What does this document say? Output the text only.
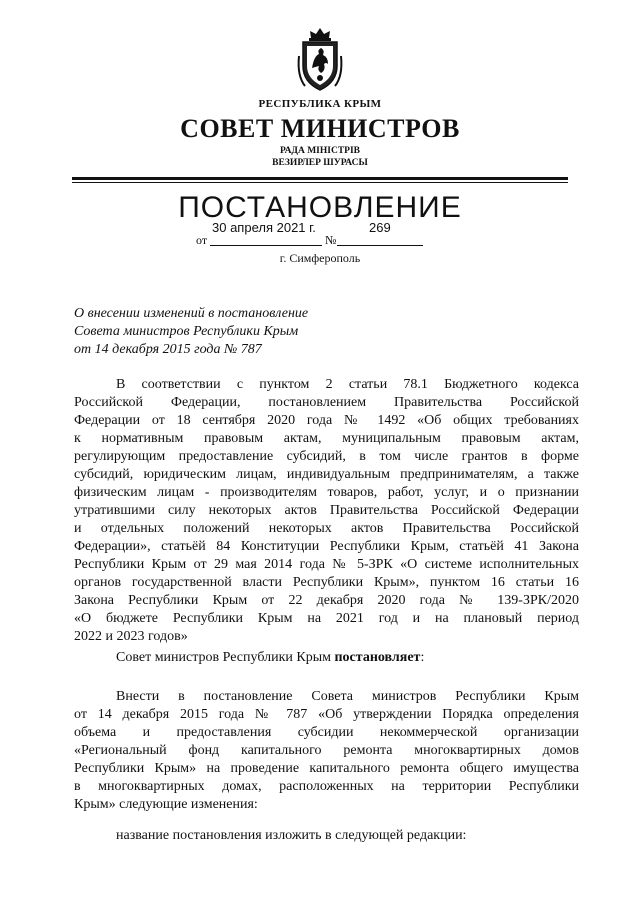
РЕСПУБЛИКА КРЫМ
СОВЕТ МИНИСТРОВ
РАДА МІНІСТРІВ
ВЕЗИРЛЕР ШУРАСЫ
ПОСТАНОВЛЕНИЕ
от
30 апреля 2021 г.
№
269
г. Симферополь
О внесении изменений в постановление
Совета министров Республики Крым
от 14 декабря 2015 года № 787
В соответствии с пунктом 2 статьи 78.1 Бюджетного кодекса
Российской Федерации, постановлением Правительства Российской
Федерации от 18 сентября 2020 года № 1492 «Об общих требованиях
к нормативным правовым актам, муниципальным правовым актам,
регулирующим предоставление субсидий, в том числе грантов в форме
субсидий, юридическим лицам, индивидуальным предпринимателям, а также
физическим лицам - производителям товаров, работ, услуг, и о признании
утратившими силу некоторых актов Правительства Российской Федерации
и отдельных положений некоторых актов Правительства Российской
Федерации», статьёй 84 Конституции Республики Крым, статьёй 41 Закона
Республики Крым от 29 мая 2014 года № 5-ЗРК «О системе исполнительных
органов государственной власти Республики Крым», пунктом 16 статьи 16
Закона Республики Крым от 22 декабря 2020 года № 139-ЗРК/2020
«О бюджете Республики Крым на 2021 год и на плановый период
2022 и 2023 годов»
Совет министров Республики Крым постановляет:
Внести в постановление Совета министров Республики Крым
от 14 декабря 2015 года № 787 «Об утверждении Порядка определения
объема и предоставления субсидии некоммерческой организации
«Региональный фонд капитального ремонта многоквартирных домов
Республики Крым» на проведение капитального ремонта общего имущества
в многоквартирных домах, расположенных на территории Республики
Крым» следующие изменения:
название постановления изложить в следующей редакции:
